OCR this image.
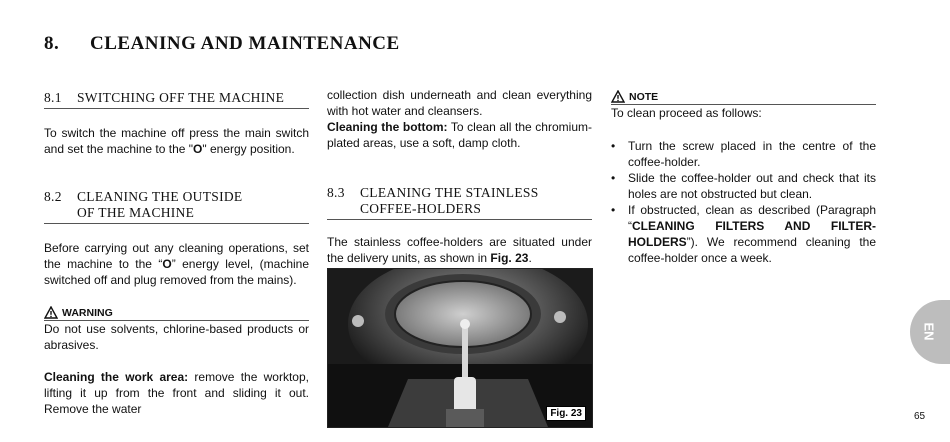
8. CLEANING AND MAINTENANCE
8.1 SWITCHING OFF THE MACHINE

To switch the machine off press the main switch and set the machine to the "O" energy position.

8.2 CLEANING THE OUTSIDE
OF THE MACHINE

Before carrying out any cleaning operations, set the machine to the “O” energy level, (machine switched off and plug removed from the mains).

WARNING

Do not use solvents, chlorine-based products or abrasives.

Cleaning the work area: remove the worktop, lifting it up from the front and sliding it out. Remove the water

collection dish underneath and clean everything with hot water and cleansers.

Cleaning the bottom: To clean all the chromium-plated areas, use a soft, damp cloth.

8.3 CLEANING THE STAINLESS
COFFEE-HOLDERS

The stainless coffee-holders are situated under the delivery units, as shown in Fig. 23.

Fig. 23
NOTE

To clean proceed as follows:

• Turn the screw placed in the centre of the coffee-holder.
• Slide the coffee-holder out and check that its holes are not obstructed but clean.
• If obstructed, clean as described (Paragraph “CLEANING FILTERS AND FILTER-HOLDERS”). We recommend cleaning the coffee-holder once a week.
EN
65
